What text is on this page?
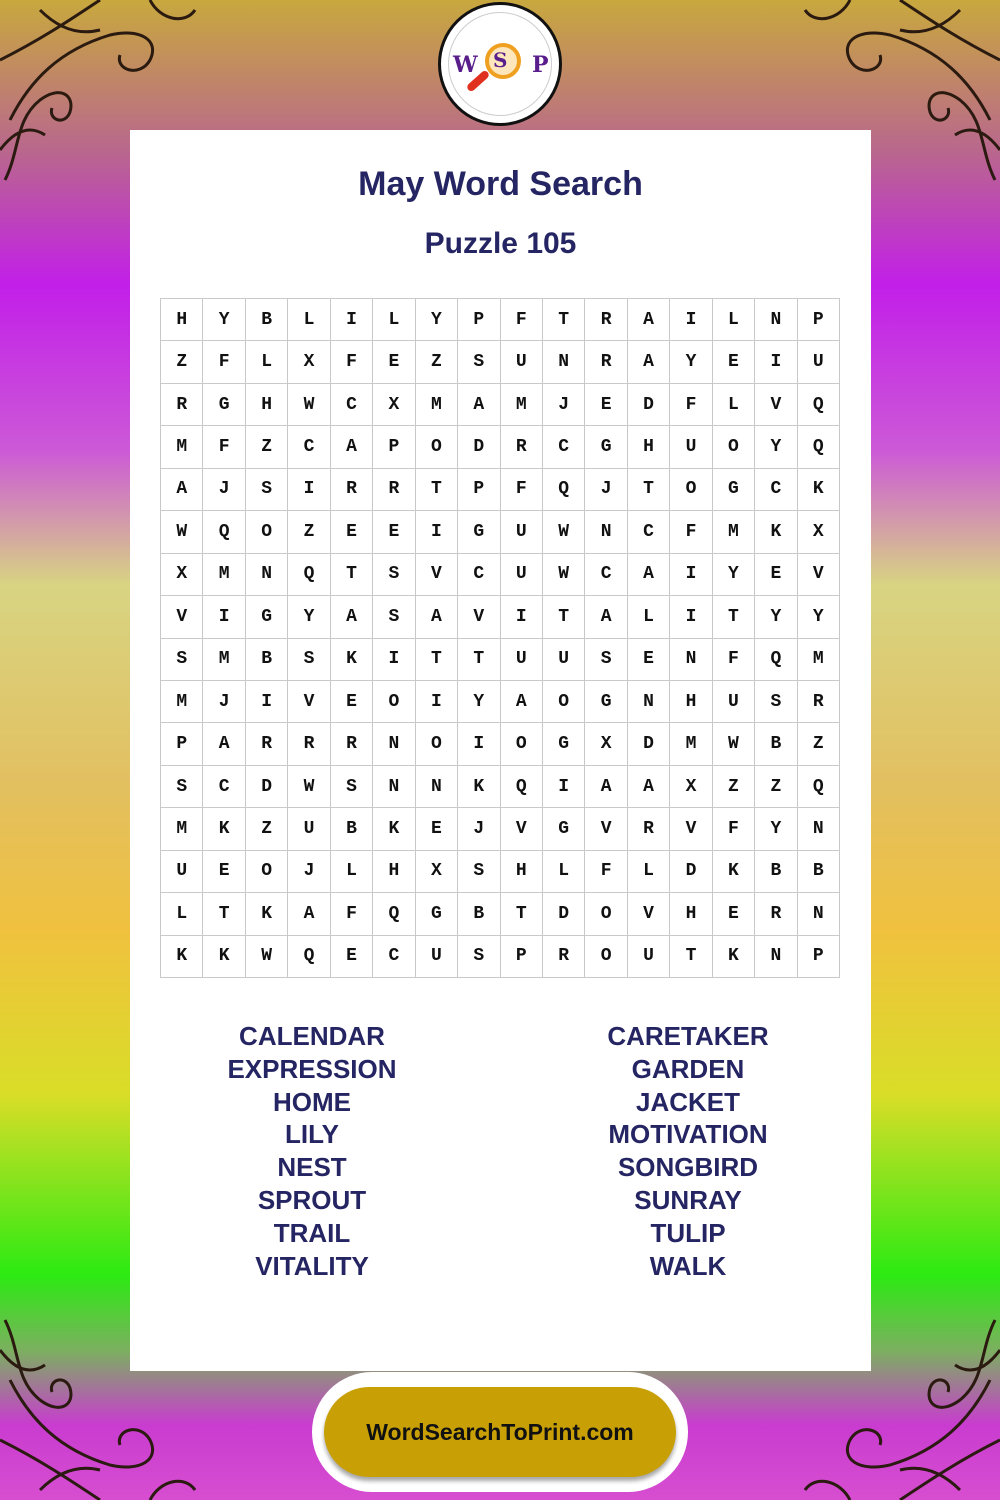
W S P
May Word Search
Puzzle 105
H	Y	B	L	I	L	Y	P	F	T	R	A	I	L	N	P
Z	F	L	X	F	E	Z	S	U	N	R	A	Y	E	I	U
R	G	H	W	C	X	M	A	M	J	E	D	F	L	V	Q
M	F	Z	C	A	P	O	D	R	C	G	H	U	O	Y	Q
A	J	S	I	R	R	T	P	F	Q	J	T	O	G	C	K
W	Q	O	Z	E	E	I	G	U	W	N	C	F	M	K	X
X	M	N	Q	T	S	V	C	U	W	C	A	I	Y	E	V
V	I	G	Y	A	S	A	V	I	T	A	L	I	T	Y	Y
S	M	B	S	K	I	T	T	U	U	S	E	N	F	Q	M
M	J	I	V	E	O	I	Y	A	O	G	N	H	U	S	R
P	A	R	R	R	N	O	I	O	G	X	D	M	W	B	Z
S	C	D	W	S	N	N	K	Q	I	A	A	X	Z	Z	Q
M	K	Z	U	B	K	E	J	V	G	V	R	V	F	Y	N
U	E	O	J	L	H	X	S	H	L	F	L	D	K	B	B
L	T	K	A	F	Q	G	B	T	D	O	V	H	E	R	N
K	K	W	Q	E	C	U	S	P	R	O	U	T	K	N	P
CALENDAR
EXPRESSION
HOME
LILY
NEST
SPROUT
TRAIL
VITALITY
CARETAKER
GARDEN
JACKET
MOTIVATION
SONGBIRD
SUNRAY
TULIP
WALK
WordSearchToPrint.com
